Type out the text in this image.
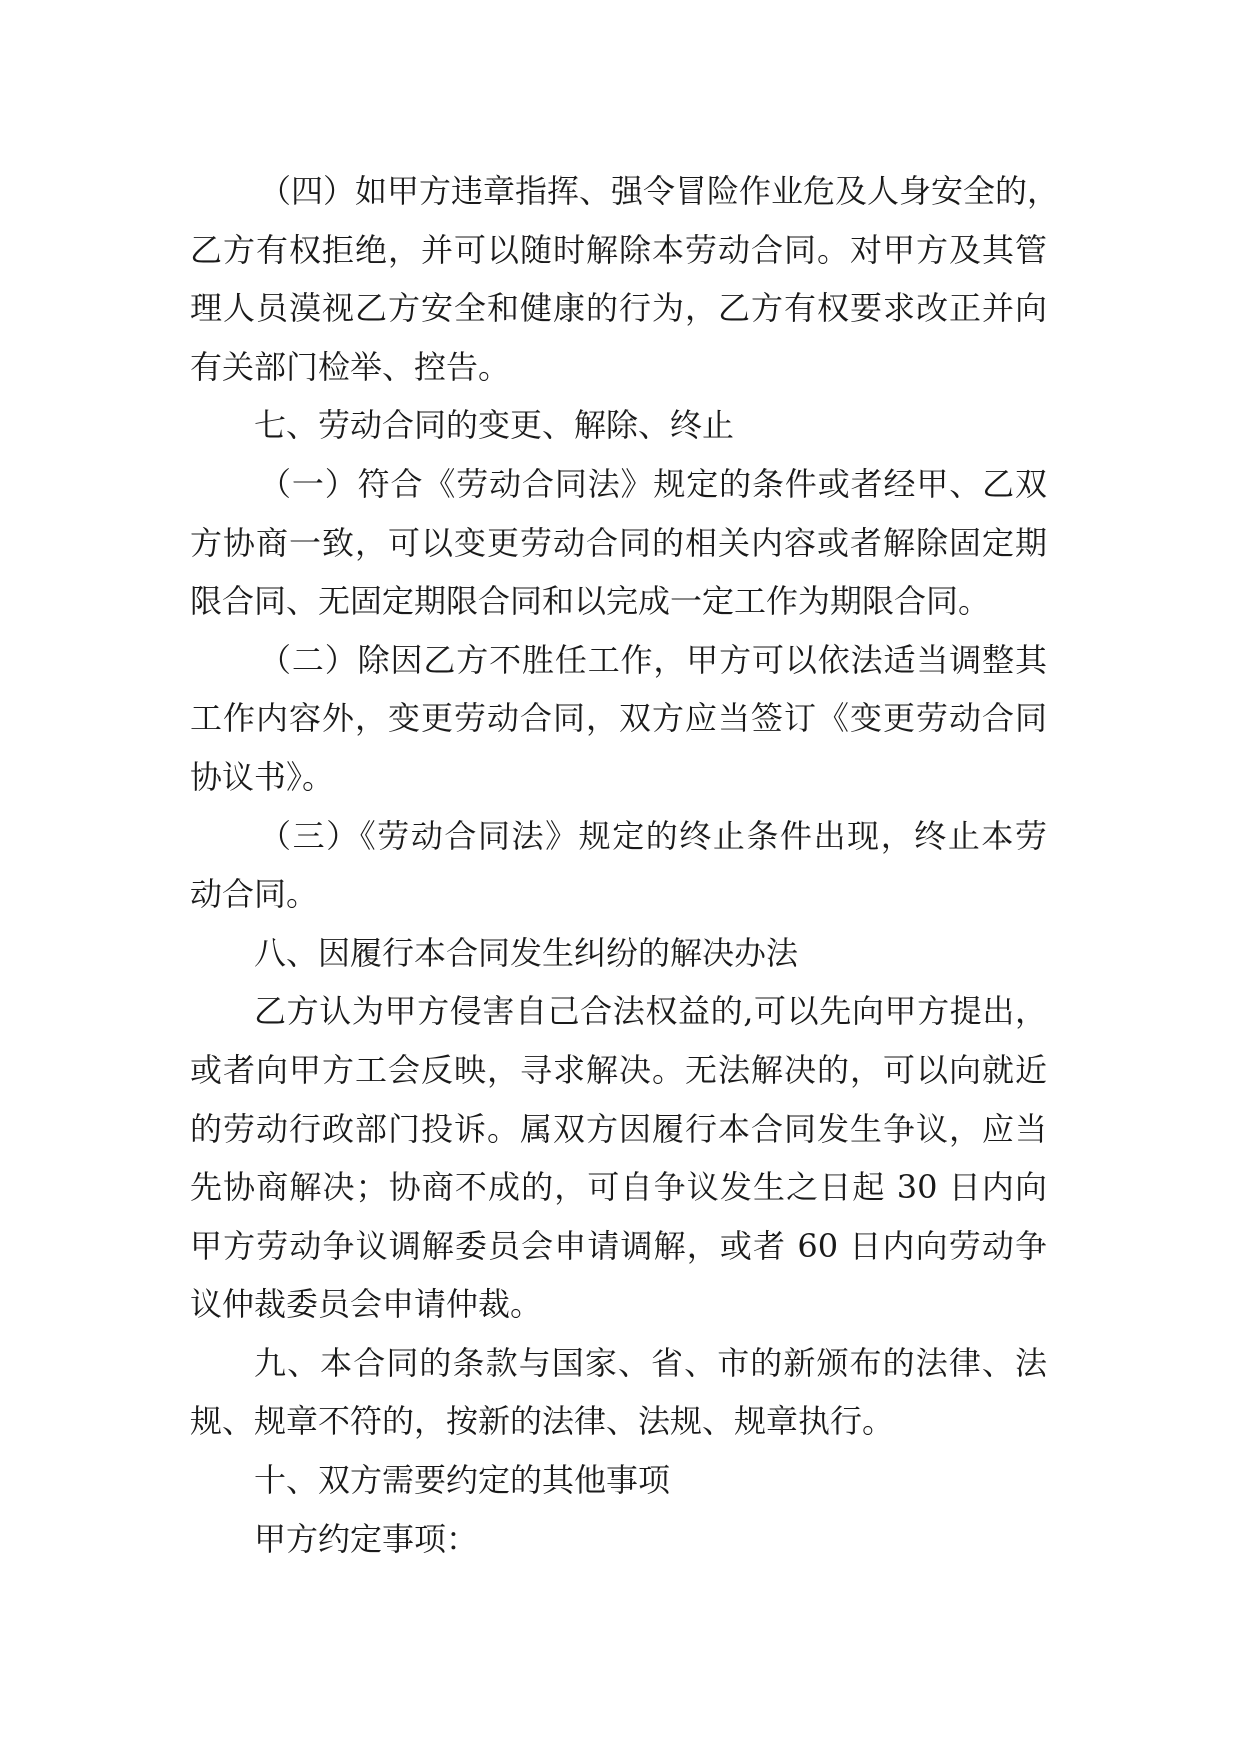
（四）如甲方违章指挥、强令冒险作业危及人身安全的，
乙方有权拒绝，并可以随时解除本劳动合同。对甲方及其管
理人员漠视乙方安全和健康的行为，乙方有权要求改正并向
有关部门检举、控告。
七、劳动合同的变更、解除、终止
（一）符合《劳动合同法》规定的条件或者经甲、乙双
方协商一致，可以变更劳动合同的相关内容或者解除固定期
限合同、无固定期限合同和以完成一定工作为期限合同。
（二）除因乙方不胜任工作，甲方可以依法适当调整其
工作内容外，变更劳动合同，双方应当签订《变更劳动合同
协议书》。
（三）《劳动合同法》规定的终止条件出现，终止本劳
动合同。
八、因履行本合同发生纠纷的解决办法
乙方认为甲方侵害自己合法权益的,可以先向甲方提出，
或者向甲方工会反映，寻求解决。无法解决的，可以向就近
的劳动行政部门投诉。属双方因履行本合同发生争议，应当
先协商解决；协商不成的，可自争议发生之日起 30 日内向
甲方劳动争议调解委员会申请调解，或者 60 日内向劳动争
议仲裁委员会申请仲裁。
九、本合同的条款与国家、省、市的新颁布的法律、法
规、规章不符的，按新的法律、法规、规章执行。
十、双方需要约定的其他事项
甲方约定事项：
